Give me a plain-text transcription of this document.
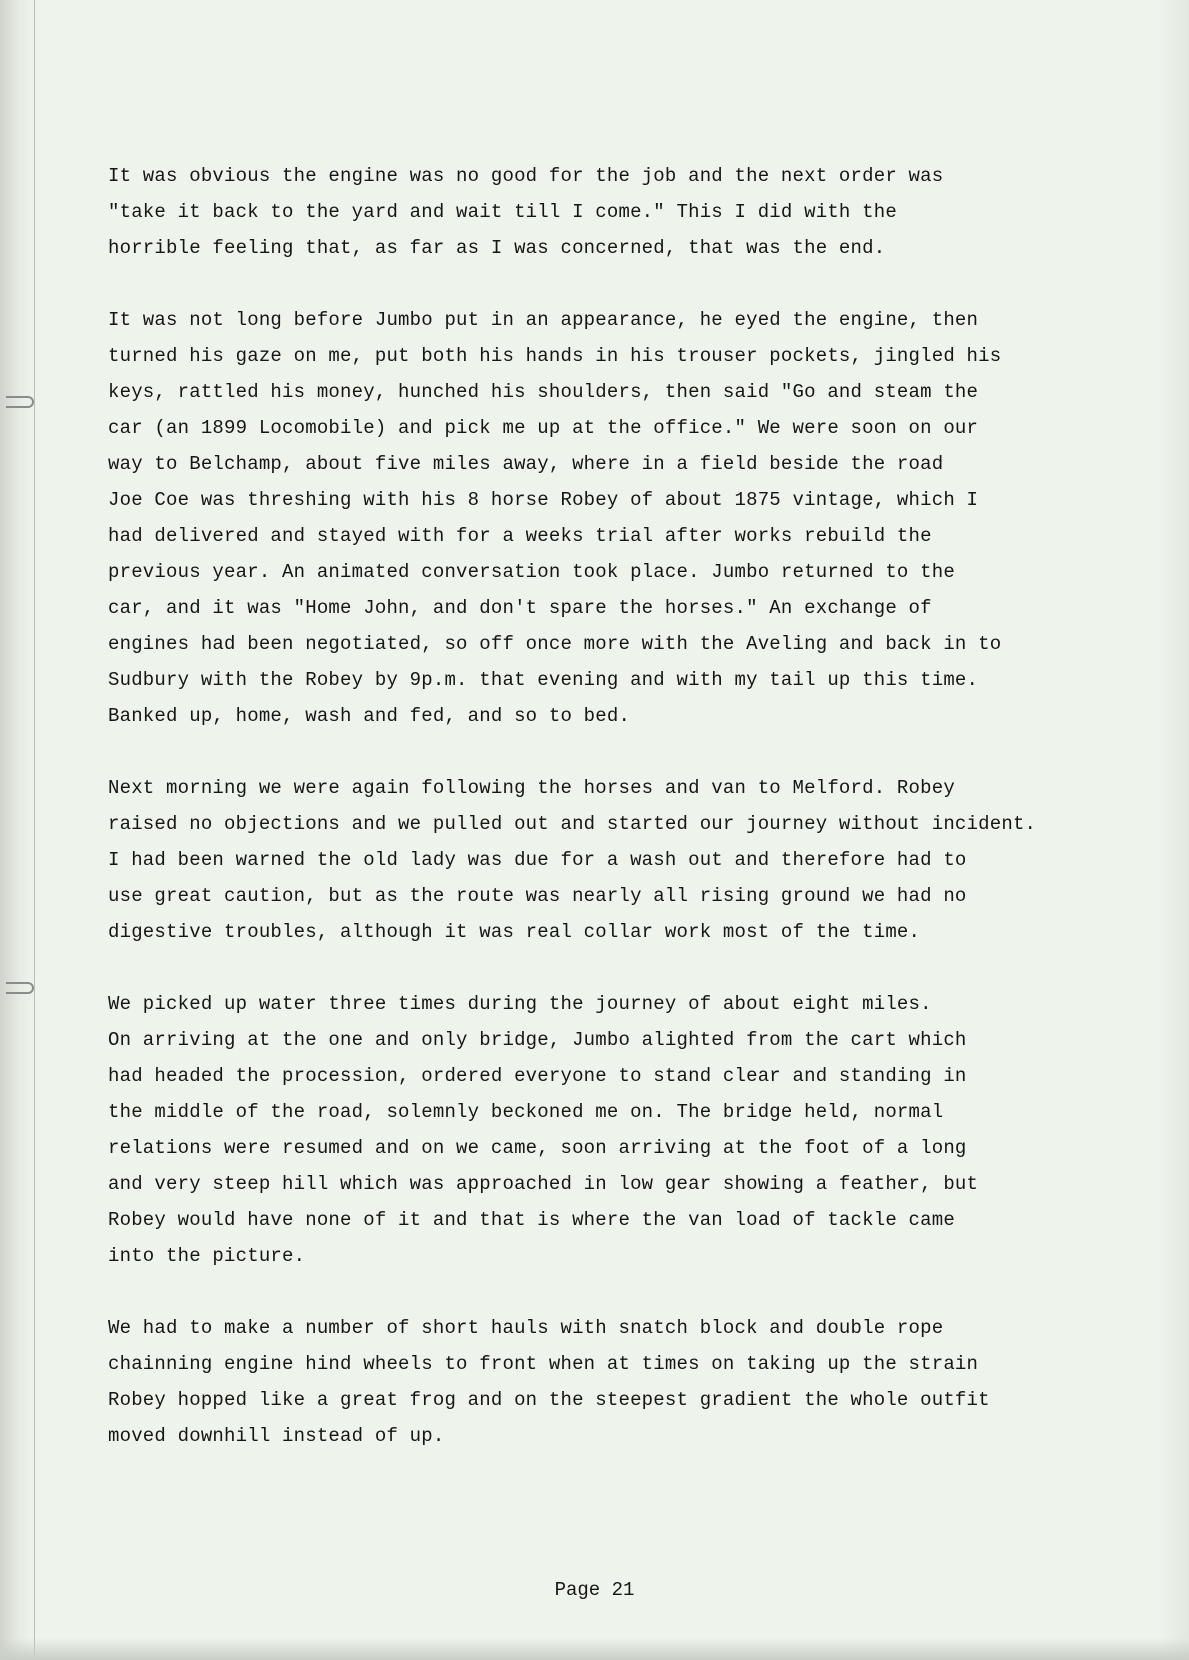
It was obvious the engine was no good for the job and the next order was
"take it back to the yard and wait till I come." This I did with the
horrible feeling that, as far as I was concerned, that was the end.

It was not long before Jumbo put in an appearance, he eyed the engine, then
turned his gaze on me, put both his hands in his trouser pockets, jingled his
keys, rattled his money, hunched his shoulders, then said "Go and steam the
car (an 1899 Locomobile) and pick me up at the office." We were soon on our
way to Belchamp, about five miles away, where in a field beside the road
Joe Coe was threshing with his 8 horse Robey of about 1875 vintage, which I
had delivered and stayed with for a weeks trial after works rebuild the
previous year. An animated conversation took place. Jumbo returned to the
car, and it was "Home John, and don't spare the horses." An exchange of
engines had been negotiated, so off once more with the Aveling and back in to
Sudbury with the Robey by 9p.m. that evening and with my tail up this time.
Banked up, home, wash and fed, and so to bed.

Next morning we were again following the horses and van to Melford. Robey
raised no objections and we pulled out and started our journey without incident.
I had been warned the old lady was due for a wash out and therefore had to
use great caution, but as the route was nearly all rising ground we had no
digestive troubles, although it was real collar work most of the time.

We picked up water three times during the journey of about eight miles.
On arriving at the one and only bridge, Jumbo alighted from the cart which
had headed the procession, ordered everyone to stand clear and standing in
the middle of the road, solemnly beckoned me on. The bridge held, normal
relations were resumed and on we came, soon arriving at the foot of a long
and very steep hill which was approached in low gear showing a feather, but
Robey would have none of it and that is where the van load of tackle came
into the picture.

We had to make a number of short hauls with snatch block and double rope
chainning engine hind wheels to front when at times on taking up the strain
Robey hopped like a great frog and on the steepest gradient the whole outfit
moved downhill instead of up.

Page 21
